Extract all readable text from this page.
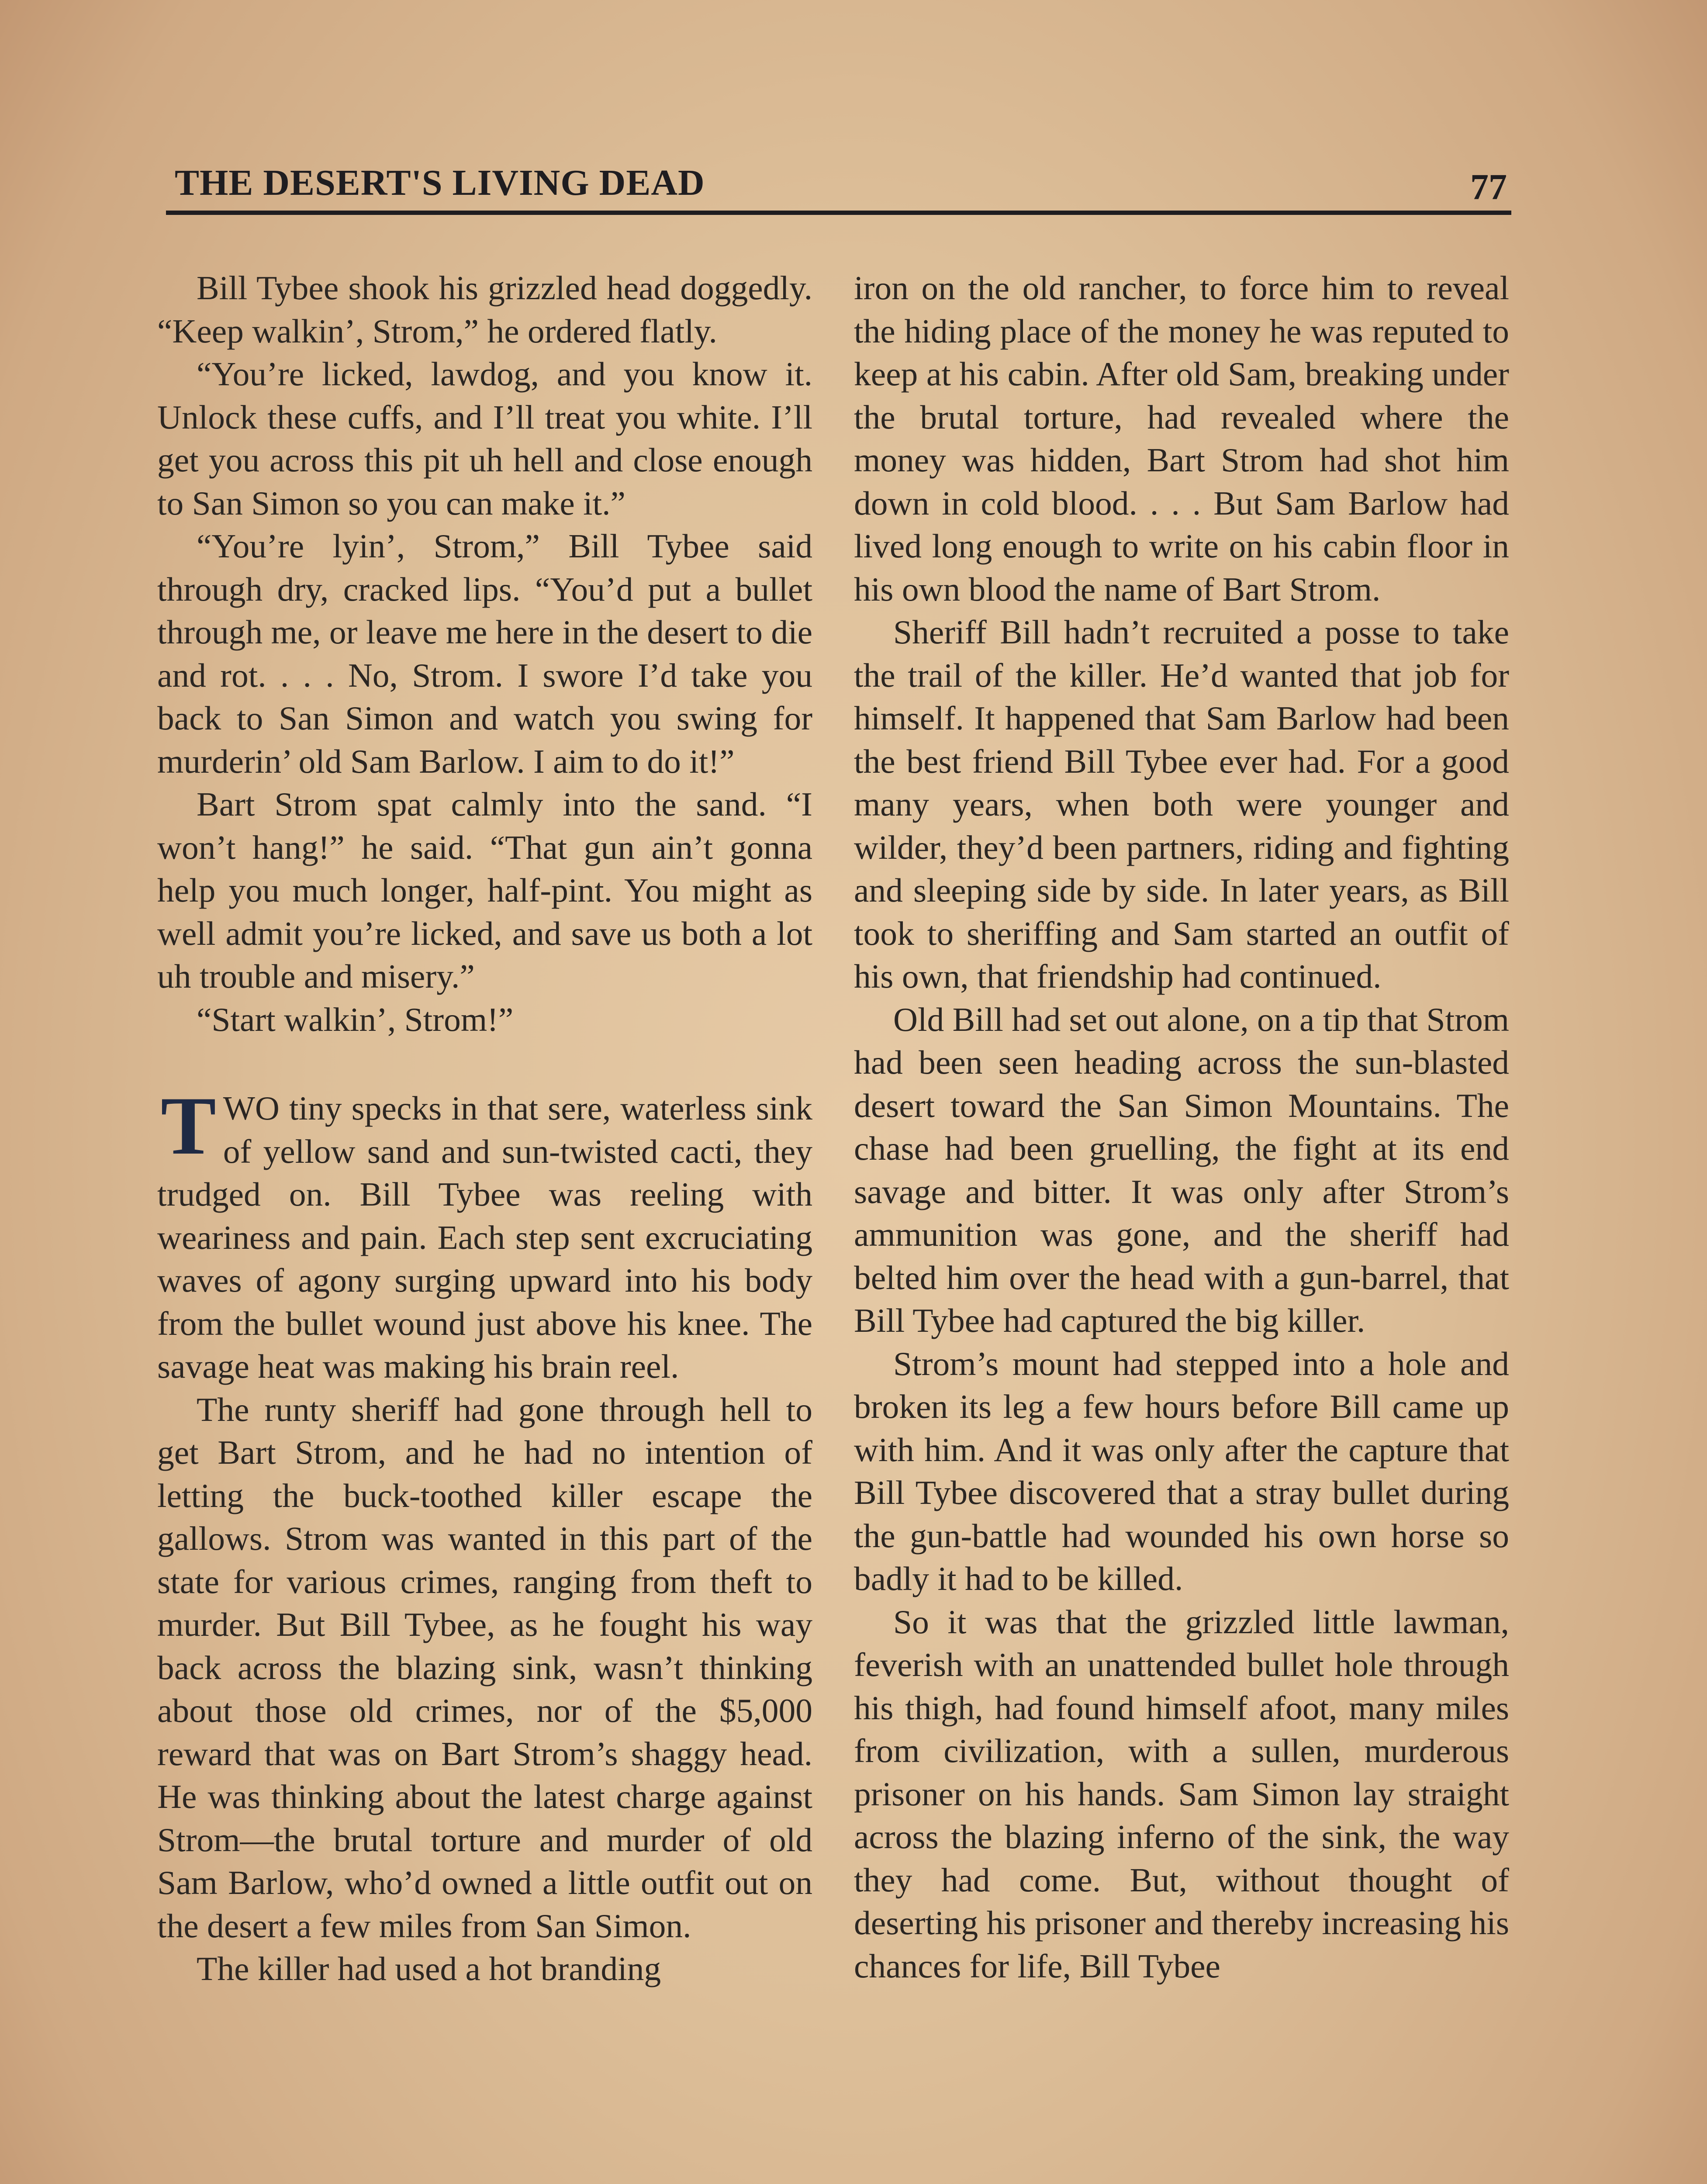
THE DESERT'S LIVING DEAD	77

Bill Tybee shook his grizzled head doggedly. “Keep walkin’, Strom,” he ordered flatly.

“You’re licked, lawdog, and you know it. Unlock these cuffs, and I’ll treat you white. I’ll get you across this pit uh hell and close enough to San Simon so you can make it.”

“You’re lyin’, Strom,” Bill Tybee said through dry, cracked lips. “You’d put a bullet through me, or leave me here in the desert to die and rot. . . . No, Strom. I swore I’d take you back to San Simon and watch you swing for murderin’ old Sam Barlow. I aim to do it!”

Bart Strom spat calmly into the sand. “I won’t hang!” he said. “That gun ain’t gonna help you much longer, half-pint. You might as well admit you’re licked, and save us both a lot uh trouble and misery.”

“Start walkin’, Strom!”

TWO tiny specks in that sere, waterless sink of yellow sand and sun-twisted cacti, they trudged on. Bill Tybee was reeling with weariness and pain. Each step sent excruciating waves of agony surging upward into his body from the bullet wound just above his knee. The savage heat was making his brain reel.

The runty sheriff had gone through hell to get Bart Strom, and he had no intention of letting the buck-toothed killer escape the gallows. Strom was wanted in this part of the state for various crimes, ranging from theft to murder. But Bill Tybee, as he fought his way back across the blazing sink, wasn’t thinking about those old crimes, nor of the $5,000 reward that was on Bart Strom’s shaggy head. He was thinking about the latest charge against Strom—the brutal torture and murder of old Sam Barlow, who’d owned a little outfit out on the desert a few miles from San Simon.

The killer had used a hot branding

iron on the old rancher, to force him to reveal the hiding place of the money he was reputed to keep at his cabin. After old Sam, breaking under the brutal torture, had revealed where the money was hidden, Bart Strom had shot him down in cold blood. . . . But Sam Barlow had lived long enough to write on his cabin floor in his own blood the name of Bart Strom.

Sheriff Bill hadn’t recruited a posse to take the trail of the killer. He’d wanted that job for himself. It happened that Sam Barlow had been the best friend Bill Tybee ever had. For a good many years, when both were younger and wilder, they’d been partners, riding and fighting and sleeping side by side. In later years, as Bill took to sheriffing and Sam started an outfit of his own, that friendship had continued.

Old Bill had set out alone, on a tip that Strom had been seen heading across the sun-blasted desert toward the San Simon Mountains. The chase had been gruelling, the fight at its end savage and bitter. It was only after Strom’s ammunition was gone, and the sheriff had belted him over the head with a gun-barrel, that Bill Tybee had captured the big killer.

Strom’s mount had stepped into a hole and broken its leg a few hours before Bill came up with him. And it was only after the capture that Bill Tybee discovered that a stray bullet during the gun-battle had wounded his own horse so badly it had to be killed.

So it was that the grizzled little lawman, feverish with an unattended bullet hole through his thigh, had found himself afoot, many miles from civilization, with a sullen, murderous prisoner on his hands. Sam Simon lay straight across the blazing inferno of the sink, the way they had come. But, without thought of deserting his prisoner and thereby increasing his chances for life, Bill Tybee
